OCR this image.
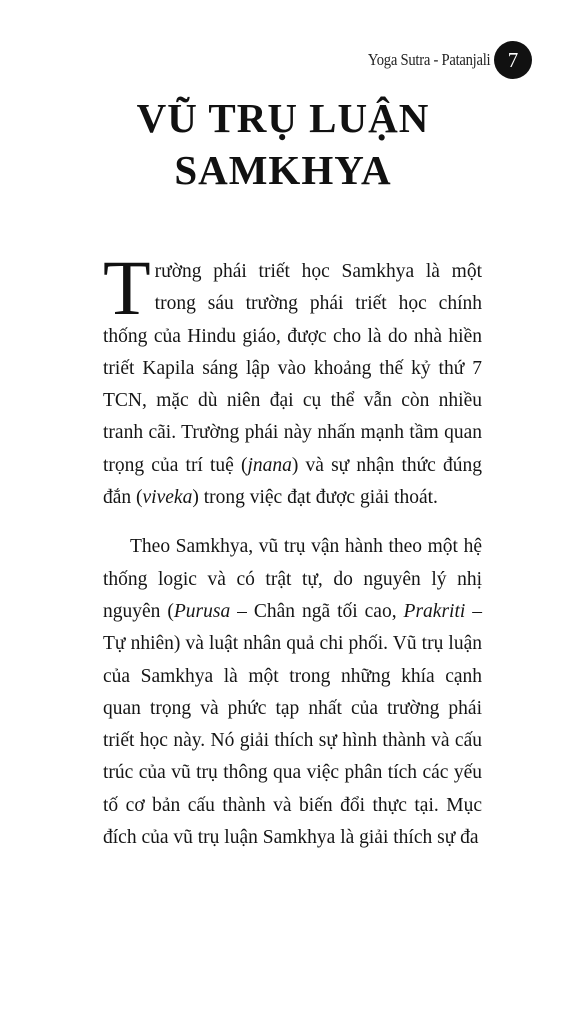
Yoga Sutra - Patanjali 7
VŨ TRỤ LUẬN
SAMKHYA

Trường phái triết học Samkhya là một trong sáu trường phái triết học chính thống của Hindu giáo, được cho là do nhà hiền triết Kapila sáng lập vào khoảng thế kỷ thứ 7 TCN, mặc dù niên đại cụ thể vẫn còn nhiều tranh cãi. Trường phái này nhấn mạnh tầm quan trọng của trí tuệ (jnana) và sự nhận thức đúng đắn (viveka) trong việc đạt được giải thoát.

Theo Samkhya, vũ trụ vận hành theo một hệ thống logic và có trật tự, do nguyên lý nhị nguyên (Purusa – Chân ngã tối cao, Prakriti – Tự nhiên) và luật nhân quả chi phối. Vũ trụ luận của Samkhya là một trong những khía cạnh quan trọng và phức tạp nhất của trường phái triết học này. Nó giải thích sự hình thành và cấu trúc của vũ trụ thông qua việc phân tích các yếu tố cơ bản cấu thành và biến đổi thực tại. Mục đích của vũ trụ luận Samkhya là giải thích sự đa
